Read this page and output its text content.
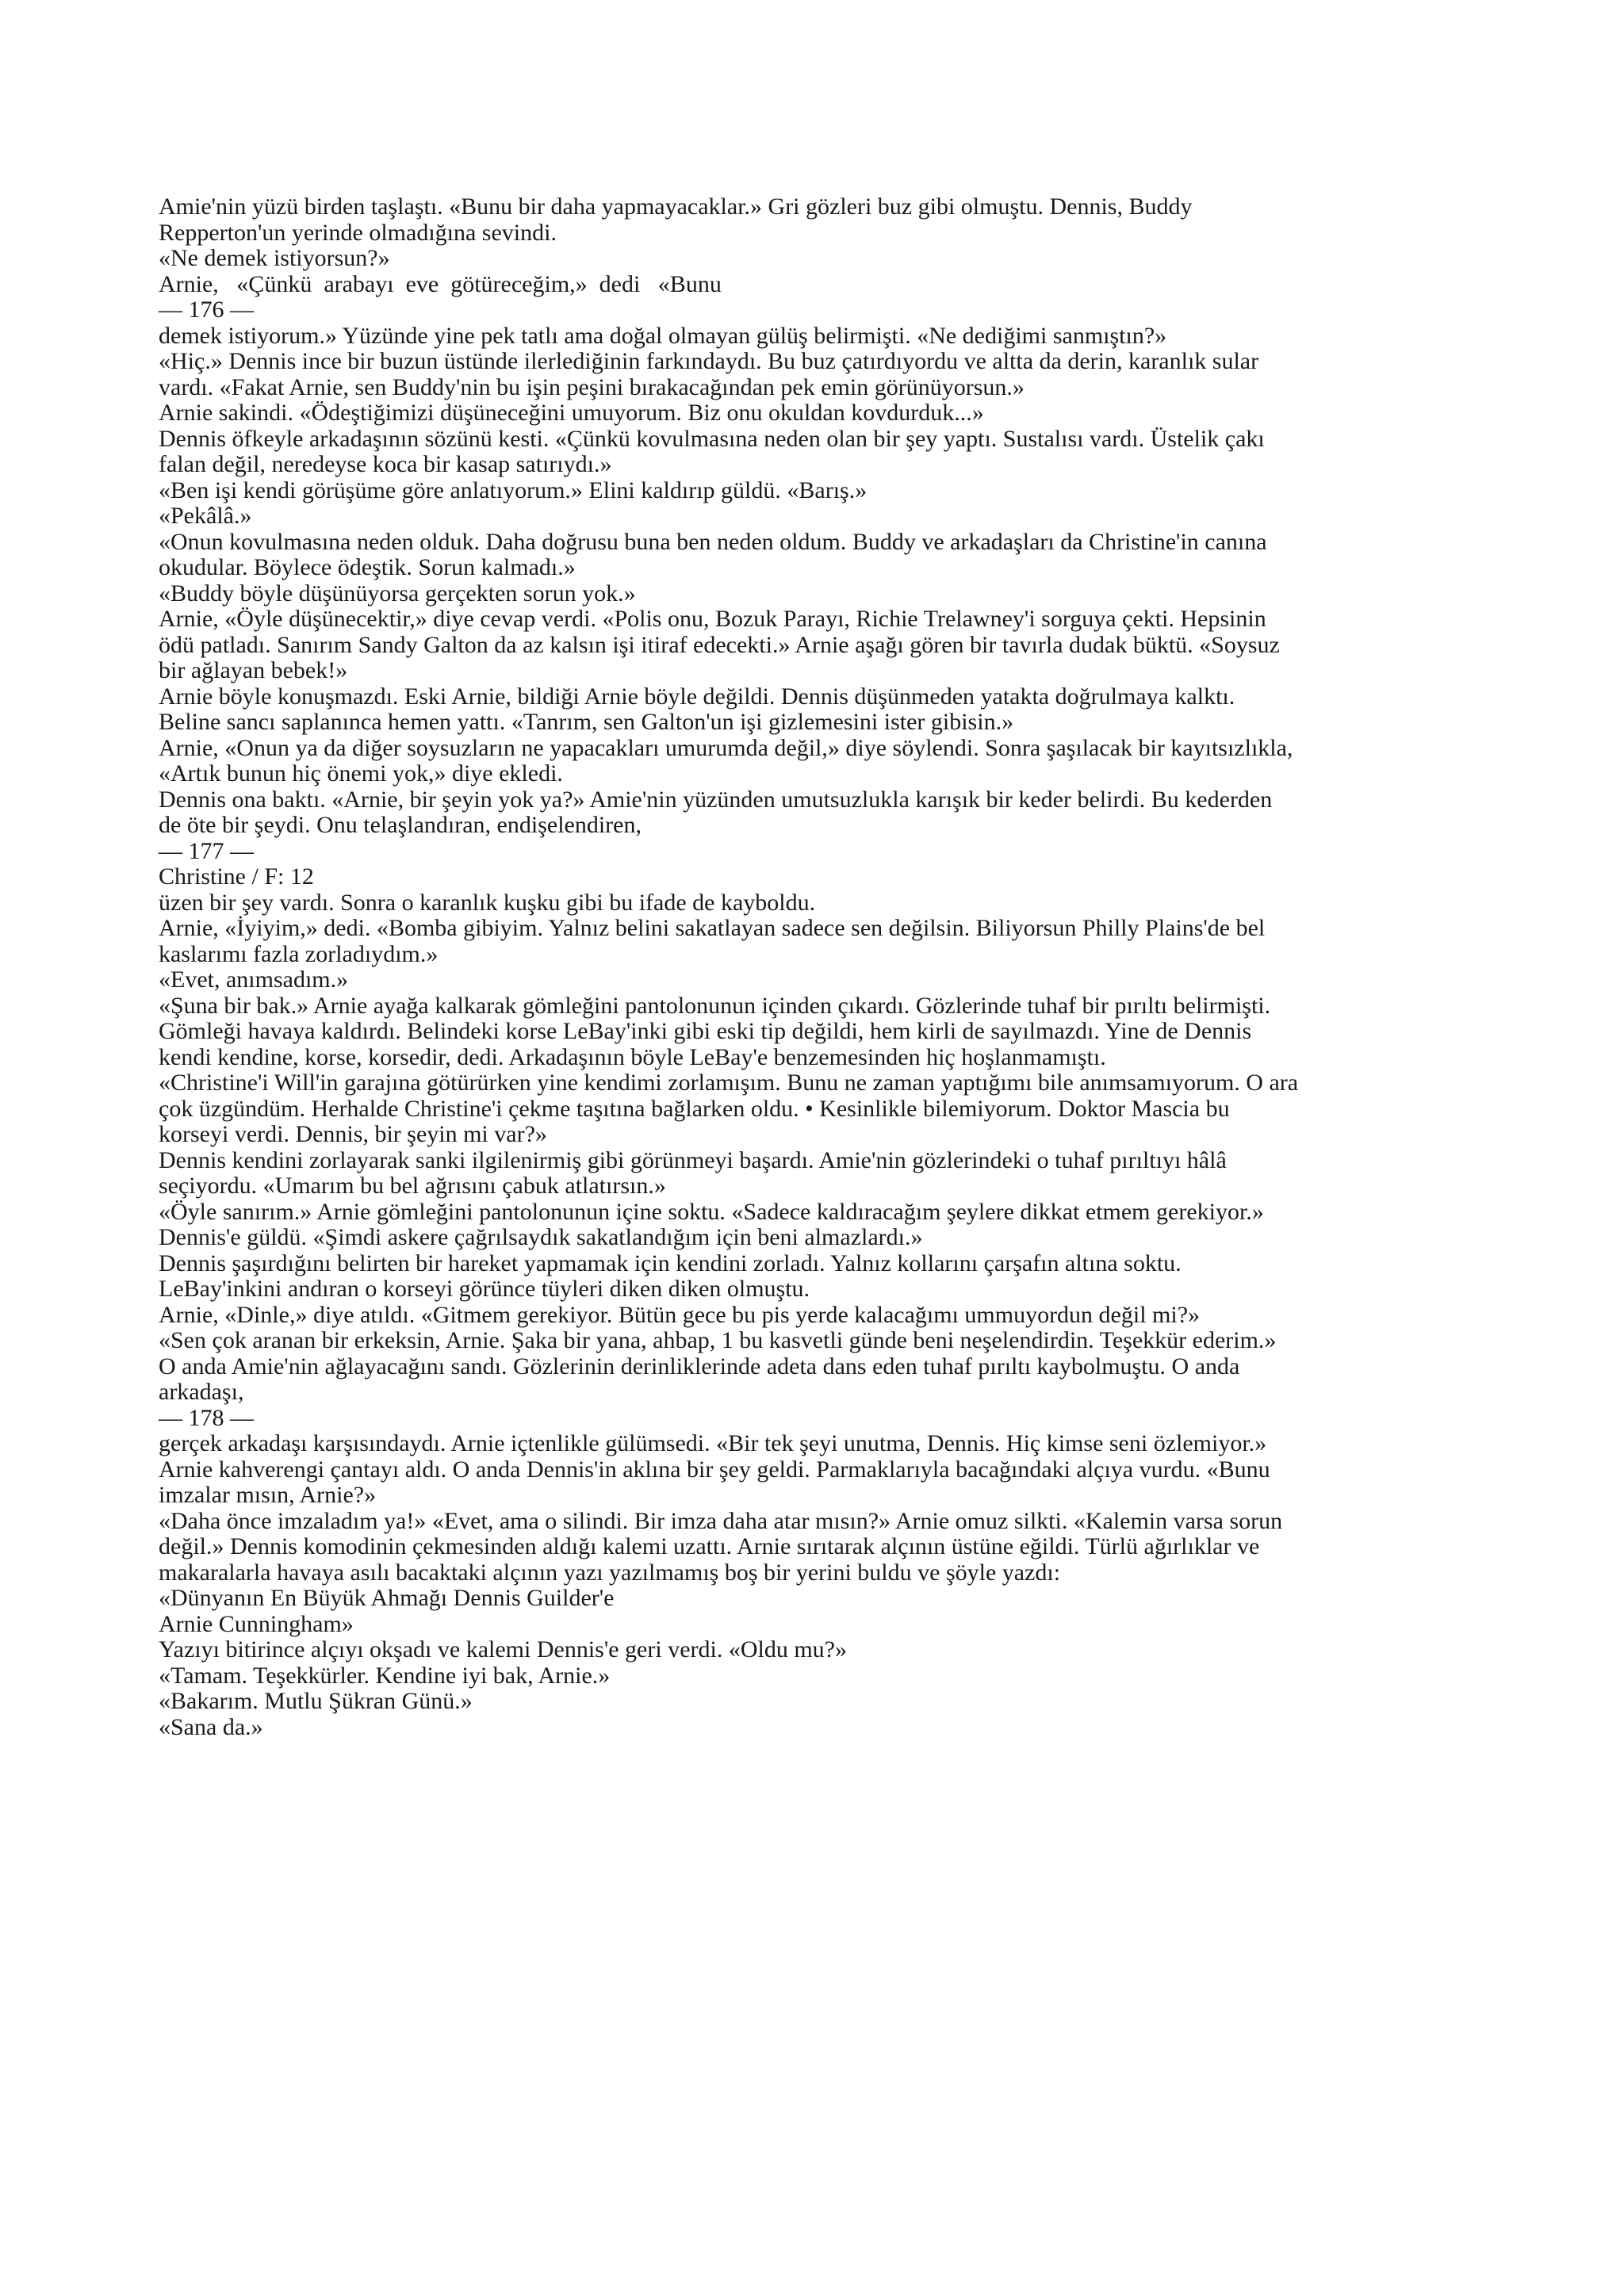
Amie'nin yüzü birden taşlaştı. «Bunu bir daha yapmayacaklar.» Gri gözleri buz gibi olmuştu. Dennis, Buddy
Repperton'un yerinde olmadığına sevindi.
«Ne demek istiyorsun?»
Arnie,   «Çünkü  arabayı  eve  götüreceğim,»  dedi   «Bunu
— 176 —
demek istiyorum.» Yüzünde yine pek tatlı ama doğal olmayan gülüş belirmişti. «Ne dediğimi sanmıştın?»
«Hiç.» Dennis ince bir buzun üstünde ilerlediğinin farkındaydı. Bu buz çatırdıyordu ve altta da derin, karanlık sular
vardı. «Fakat Arnie, sen Buddy'nin bu işin peşini bırakacağından pek emin görünüyorsun.»
Arnie sakindi. «Ödeştiğimizi düşüneceğini umuyorum. Biz onu okuldan kovdurduk...»
Dennis öfkeyle arkadaşının sözünü kesti. «Çünkü kovulmasına neden olan bir şey yaptı. Sustalısı vardı. Üstelik çakı
falan değil, neredeyse koca bir kasap satırıydı.»
«Ben işi kendi görüşüme göre anlatıyorum.» Elini kaldırıp güldü. «Barış.»
«Pekâlâ.»
«Onun kovulmasına neden olduk. Daha doğrusu buna ben neden oldum. Buddy ve arkadaşları da Christine'in canına
okudular. Böylece ödeştik. Sorun kalmadı.»
«Buddy böyle düşünüyorsa gerçekten sorun yok.»
Arnie, «Öyle düşünecektir,» diye cevap verdi. «Polis onu, Bozuk Parayı, Richie Trelawney'i sorguya çekti. Hepsinin
ödü patladı. Sanırım Sandy Galton da az kalsın işi itiraf edecekti.» Arnie aşağı gören bir tavırla dudak büktü. «Soysuz
bir ağlayan bebek!»
Arnie böyle konuşmazdı. Eski Arnie, bildiği Arnie böyle değildi. Dennis düşünmeden yatakta doğrulmaya kalktı.
Beline sancı saplanınca hemen yattı. «Tanrım, sen Galton'un işi gizlemesini ister gibisin.»
Arnie, «Onun ya da diğer soysuzların ne yapacakları umurumda değil,» diye söylendi. Sonra şaşılacak bir kayıtsızlıkla,
«Artık bunun hiç önemi yok,» diye ekledi.
Dennis ona baktı. «Arnie, bir şeyin yok ya?» Amie'nin yüzünden umutsuzlukla karışık bir keder belirdi. Bu kederden
de öte bir şeydi. Onu telaşlandıran, endişelendiren,
— 177 —
Christine / F: 12
üzen bir şey vardı. Sonra o karanlık kuşku gibi bu ifade de kayboldu.
Arnie, «İyiyim,» dedi. «Bomba gibiyim. Yalnız belini sakatlayan sadece sen değilsin. Biliyorsun Philly Plains'de bel
kaslarımı fazla zorladıydım.»
«Evet, anımsadım.»
«Şuna bir bak.» Arnie ayağa kalkarak gömleğini pantolonunun içinden çıkardı. Gözlerinde tuhaf bir pırıltı belirmişti.
Gömleği havaya kaldırdı. Belindeki korse LeBay'inki gibi eski tip değildi, hem kirli de sayılmazdı. Yine de Dennis
kendi kendine, korse, korsedir, dedi. Arkadaşının böyle LeBay'e benzemesinden hiç hoşlanmamıştı.
«Christine'i Will'in garajına götürürken yine kendimi zorlamışım. Bunu ne zaman yaptığımı bile anımsamıyorum. O ara
çok üzgündüm. Herhalde Christine'i çekme taşıtına bağlarken oldu. • Kesinlikle bilemiyorum. Doktor Mascia bu
korseyi verdi. Dennis, bir şeyin mi var?»
Dennis kendini zorlayarak sanki ilgilenirmiş gibi görünmeyi başardı. Amie'nin gözlerindeki o tuhaf pırıltıyı hâlâ
seçiyordu. «Umarım bu bel ağrısını çabuk atlatırsın.»
«Öyle sanırım.» Arnie gömleğini pantolonunun içine soktu. «Sadece kaldıracağım şeylere dikkat etmem gerekiyor.»
Dennis'e güldü. «Şimdi askere çağrılsaydık sakatlandığım için beni almazlardı.»
Dennis şaşırdığını belirten bir hareket yapmamak için kendini zorladı. Yalnız kollarını çarşafın altına soktu.
LeBay'inkini andıran o korseyi görünce tüyleri diken diken olmuştu.
Arnie, «Dinle,» diye atıldı. «Gitmem gerekiyor. Bütün gece bu pis yerde kalacağımı ummuyordun değil mi?»
«Sen çok aranan bir erkeksin, Arnie. Şaka bir yana, ahbap, 1 bu kasvetli günde beni neşelendirdin. Teşekkür ederim.»
O anda Amie'nin ağlayacağını sandı. Gözlerinin derinliklerinde adeta dans eden tuhaf pırıltı kaybolmuştu. O anda
arkadaşı,
— 178 —
gerçek arkadaşı karşısındaydı. Arnie içtenlikle gülümsedi. «Bir tek şeyi unutma, Dennis. Hiç kimse seni özlemiyor.»
Arnie kahverengi çantayı aldı. O anda Dennis'in aklına bir şey geldi. Parmaklarıyla bacağındaki alçıya vurdu. «Bunu
imzalar mısın, Arnie?»
«Daha önce imzaladım ya!» «Evet, ama o silindi. Bir imza daha atar mısın?» Arnie omuz silkti. «Kalemin varsa sorun
değil.» Dennis komodinin çekmesinden aldığı kalemi uzattı. Arnie sırıtarak alçının üstüne eğildi. Türlü ağırlıklar ve
makaralarla havaya asılı bacaktaki alçının yazı yazılmamış boş bir yerini buldu ve şöyle yazdı:
«Dünyanın En Büyük Ahmağı Dennis Guilder'e
Arnie Cunningham»
Yazıyı bitirince alçıyı okşadı ve kalemi Dennis'e geri verdi. «Oldu mu?»
«Tamam. Teşekkürler. Kendine iyi bak, Arnie.»
«Bakarım. Mutlu Şükran Günü.»
«Sana da.»
